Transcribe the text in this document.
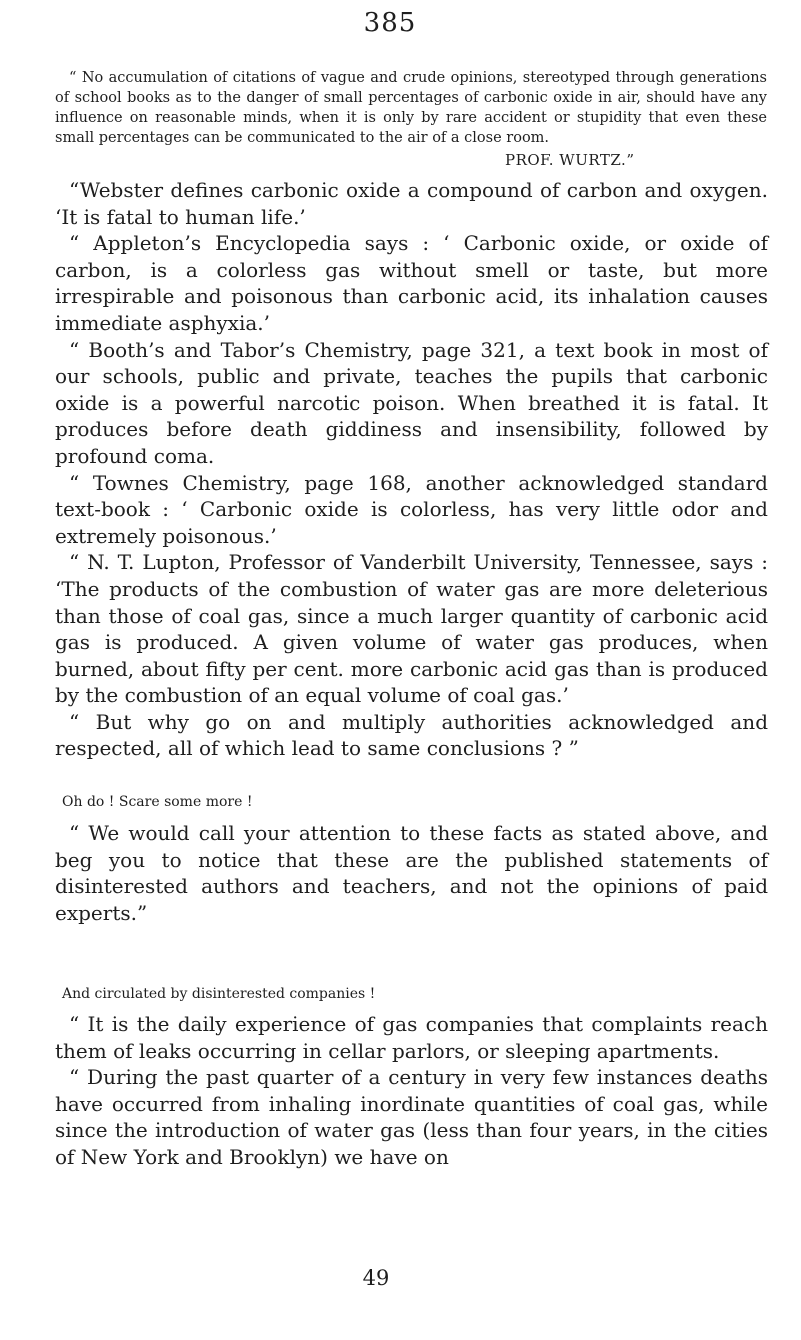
385

“ No accumulation of citations of vague and crude opinions, stereotyped through generations of school books as to the danger of small percentages of carbonic oxide in air, should have any influence on reasonable minds, when it is only by rare accident or stupidity that even these small percentages can be communicated to the air of a close room.

PROF. WURTZ.”

“Webster defines carbonic oxide a compound of carbon and oxygen. ‘It is fatal to human life.’

“ Appleton’s Encyclopedia says : ‘ Carbonic oxide, or oxide of carbon, is a colorless gas without smell or taste, but more irrespirable and poisonous than carbonic acid, its inhalation causes immediate asphyxia.’

“ Booth’s and Tabor’s Chemistry, page 321, a text book in most of our schools, public and private, teaches the pupils that carbonic oxide is a powerful narcotic poison. When breathed it is fatal. It produces before death giddiness and insensibility, followed by profound coma.

“ Townes Chemistry, page 168, another acknowledged standard text-book : ‘ Carbonic oxide is colorless, has very little odor and extremely poisonous.’

“ N. T. Lupton, Professor of Vanderbilt University, Tennessee, says : ‘The products of the combustion of water gas are more deleterious than those of coal gas, since a much larger quantity of carbonic acid gas is produced. A given volume of water gas produces, when burned, about fifty per cent. more carbonic acid gas than is produced by the combustion of an equal volume of coal gas.’

“ But why go on and multiply authorities acknowledged and respected, all of which lead to same conclusions ? ”

Oh do ! Scare some more !

“ We would call your attention to these facts as stated above, and beg you to notice that these are the published statements of disinterested authors and teachers, and not the opinions of paid experts.”

And circulated by disinterested companies !

“ It is the daily experience of gas companies that complaints reach them of leaks occurring in cellar parlors, or sleeping apartments.

“ During the past quarter of a century in very few instances deaths have occurred from inhaling inordinate quantities of coal gas, while since the introduction of water gas (less than four years, in the cities of New York and Brooklyn) we have on

49
